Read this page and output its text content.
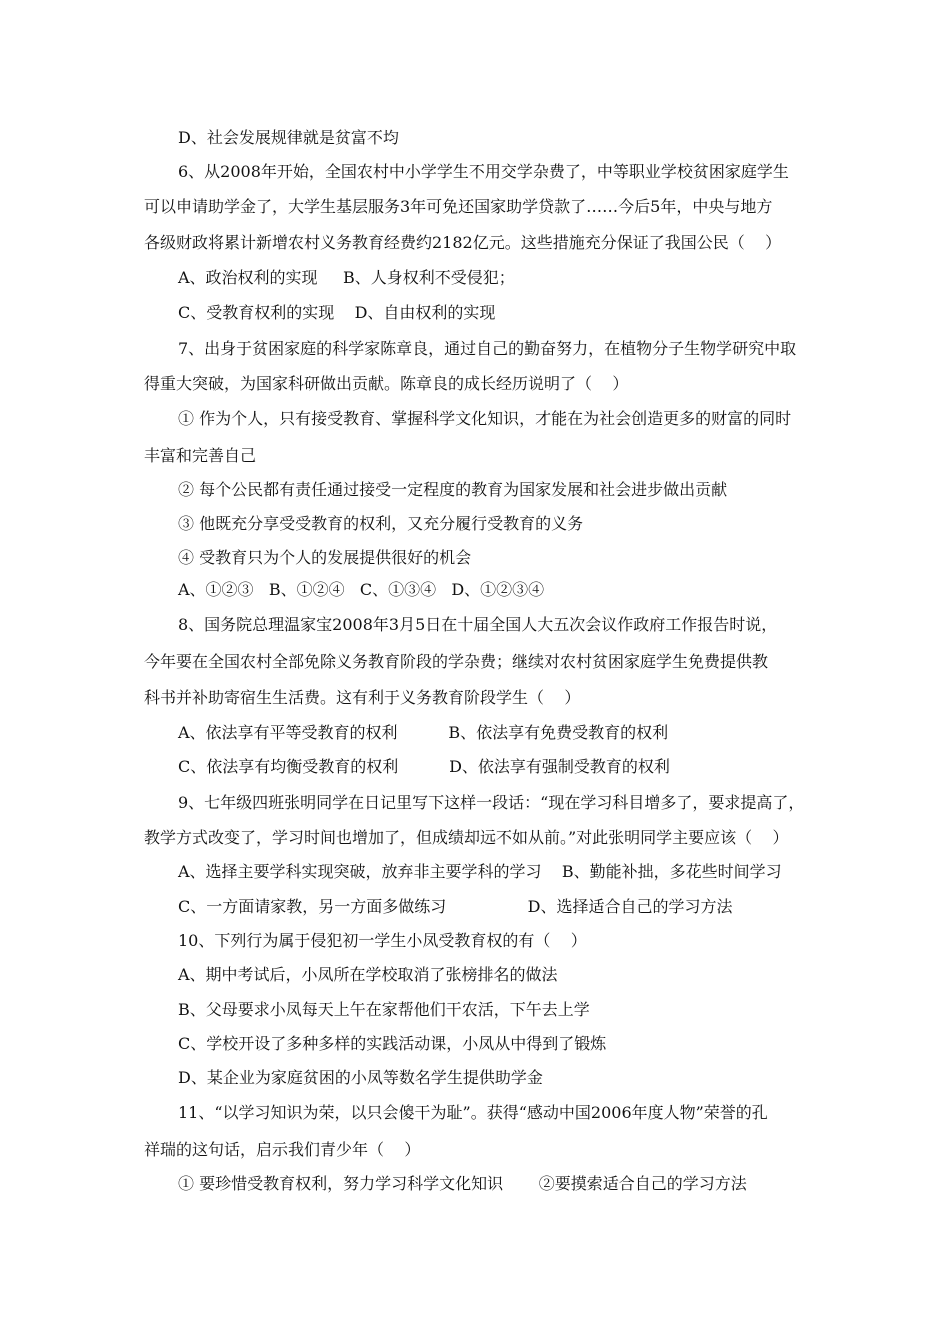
D、社会发展规律就是贫富不均
6、从2008年开始，全国农村中小学学生不用交学杂费了，中等职业学校贫困家庭学生
可以申请助学金了，大学生基层服务3年可免还国家助学贷款了……今后5年，中央与地方
各级财政将累计新增农村义务教育经费约2182亿元。这些措施充分保证了我国公民（    ）
A、政治权利的实现     B、人身权利不受侵犯；
C、受教育权利的实现    D、自由权利的实现
7、出身于贫困家庭的科学家陈章良，通过自己的勤奋努力，在植物分子生物学研究中取
得重大突破，为国家科研做出贡献。陈章良的成长经历说明了（    ）
① 作为个人，只有接受教育、掌握科学文化知识，才能在为社会创造更多的财富的同时
丰富和完善自己
② 每个公民都有责任通过接受一定程度的教育为国家发展和社会进步做出贡献
③ 他既充分享受受教育的权利，又充分履行受教育的义务
④ 受教育只为个人的发展提供很好的机会
A、①②③   B、①②④   C、①③④   D、①②③④
8、国务院总理温家宝2008年3月5日在十届全国人大五次会议作政府工作报告时说，
今年要在全国农村全部免除义务教育阶段的学杂费；继续对农村贫困家庭学生免费提供教
科书并补助寄宿生生活费。这有利于义务教育阶段学生（    ）
A、依法享有平等受教育的权利          B、依法享有免费受教育的权利
C、依法享有均衡受教育的权利          D、依法享有强制受教育的权利
9、七年级四班张明同学在日记里写下这样一段话：“现在学习科目增多了，要求提高了，
教学方式改变了，学习时间也增加了，但成绩却远不如从前。”对此张明同学主要应该（    ）
A、选择主要学科实现突破，放弃非主要学科的学习    B、勤能补拙，多花些时间学习
C、一方面请家教，另一方面多做练习                D、选择适合自己的学习方法
10、下列行为属于侵犯初一学生小凤受教育权的有（    ）
A、期中考试后，小凤所在学校取消了张榜排名的做法
B、父母要求小凤每天上午在家帮他们干农活，下午去上学
C、学校开设了多种多样的实践活动课，小凤从中得到了锻炼
D、某企业为家庭贫困的小凤等数名学生提供助学金
11、“以学习知识为荣，以只会傻干为耻”。获得“感动中国2006年度人物”荣誉的孔
祥瑞的这句话，启示我们青少年（    ）
① 要珍惜受教育权利，努力学习科学文化知识       ②要摸索适合自己的学习方法
